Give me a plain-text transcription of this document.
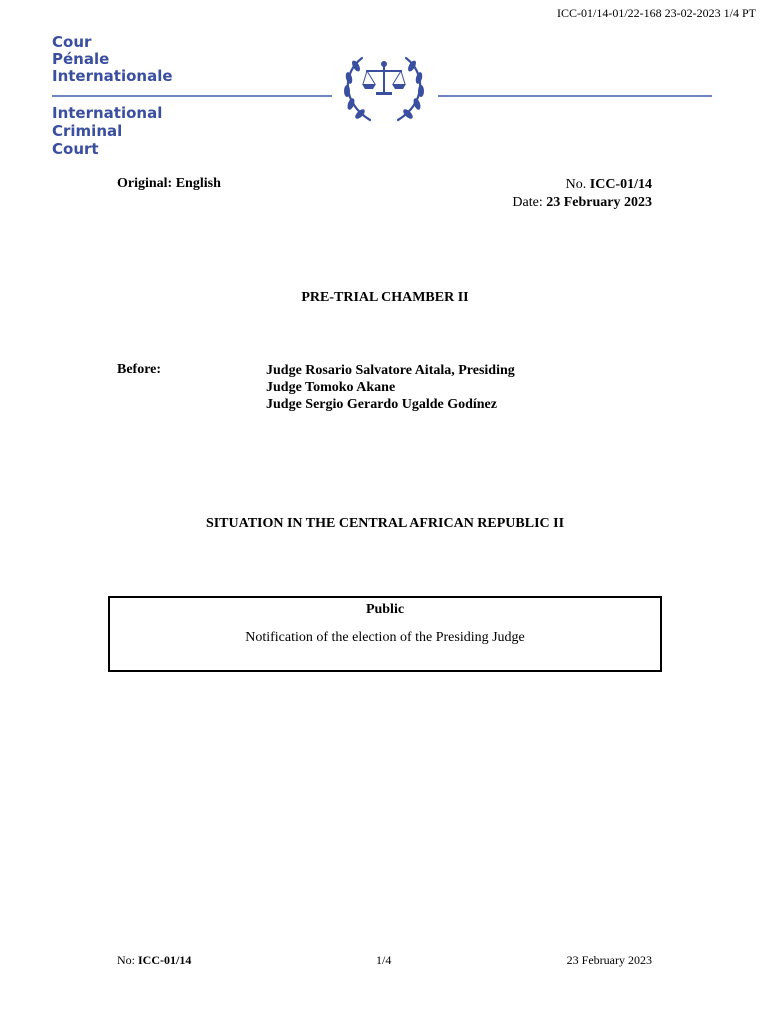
ICC-01/14-01/22-168 23-02-2023 1/4 PT
Cour
Pénale
Internationale
International
Criminal
Court
Original: English	No. ICC-01/14
Date: 23 February 2023
PRE-TRIAL CHAMBER II
Before:	Judge Rosario Salvatore Aitala, Presiding
Judge Tomoko Akane
Judge Sergio Gerardo Ugalde Godínez
SITUATION IN THE CENTRAL AFRICAN REPUBLIC II
Public
Notification of the election of the Presiding Judge
No: ICC-01/14	1/4	23 February 2023
